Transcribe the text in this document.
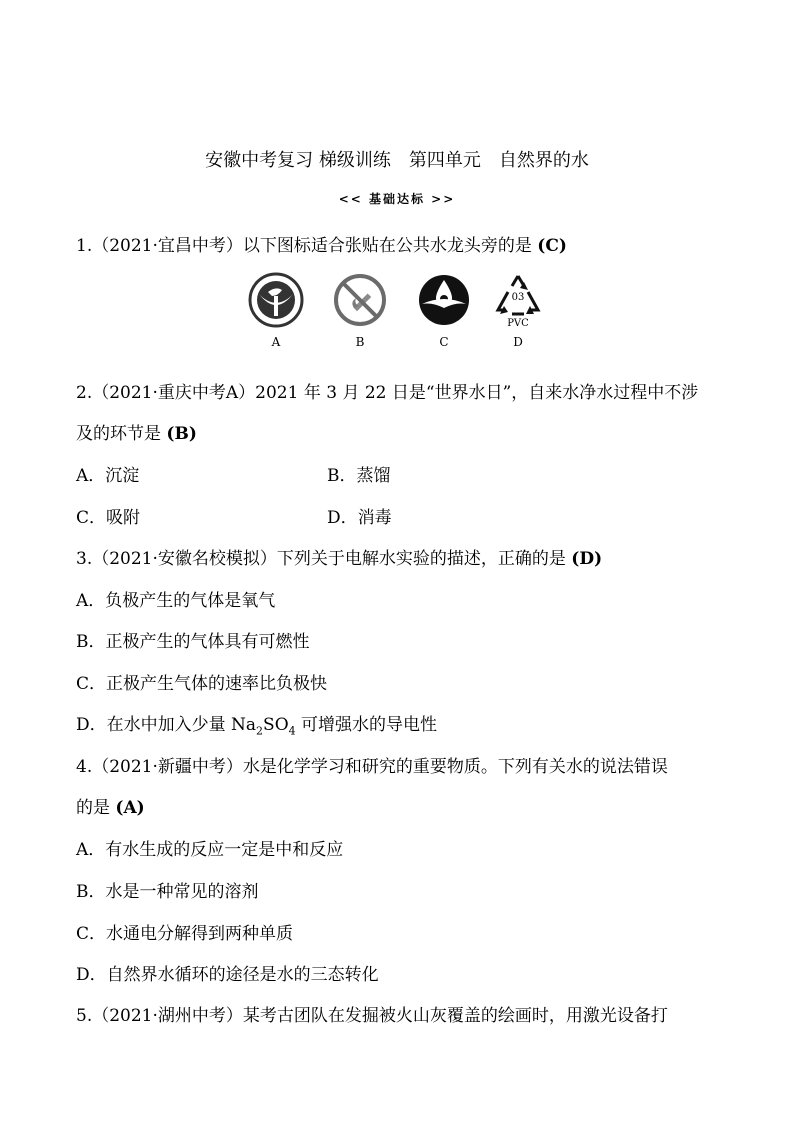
安徽中考复习 梯级训练　第四单元　自然界的水
<< 基础达标 >>
1.（2021·宜昌中考）以下图标适合张贴在公共水龙头旁的是 (C)
A	B	C
03
PVC
D
2.（2021·重庆中考A）2021 年 3 月 22 日是“世界水日”，自来水净水过程中不涉
及的环节是 (B)
A．沉淀	B．蒸馏
C．吸附	D．消毒
3.（2021·安徽名校模拟）下列关于电解水实验的描述，正确的是 (D)
A．负极产生的气体是氧气
B．正极产生的气体具有可燃性
C．正极产生气体的速率比负极快
D．在水中加入少量 $Na_2SO_4$ 可增强水的导电性
4.（2021·新疆中考）水是化学学习和研究的重要物质。下列有关水的说法错误
的是 (A)
A．有水生成的反应一定是中和反应
B．水是一种常见的溶剂
C．水通电分解得到两种单质
D．自然界水循环的途径是水的三态转化
5.（2021·湖州中考）某考古团队在发掘被火山灰覆盖的绘画时，用激光设备打
